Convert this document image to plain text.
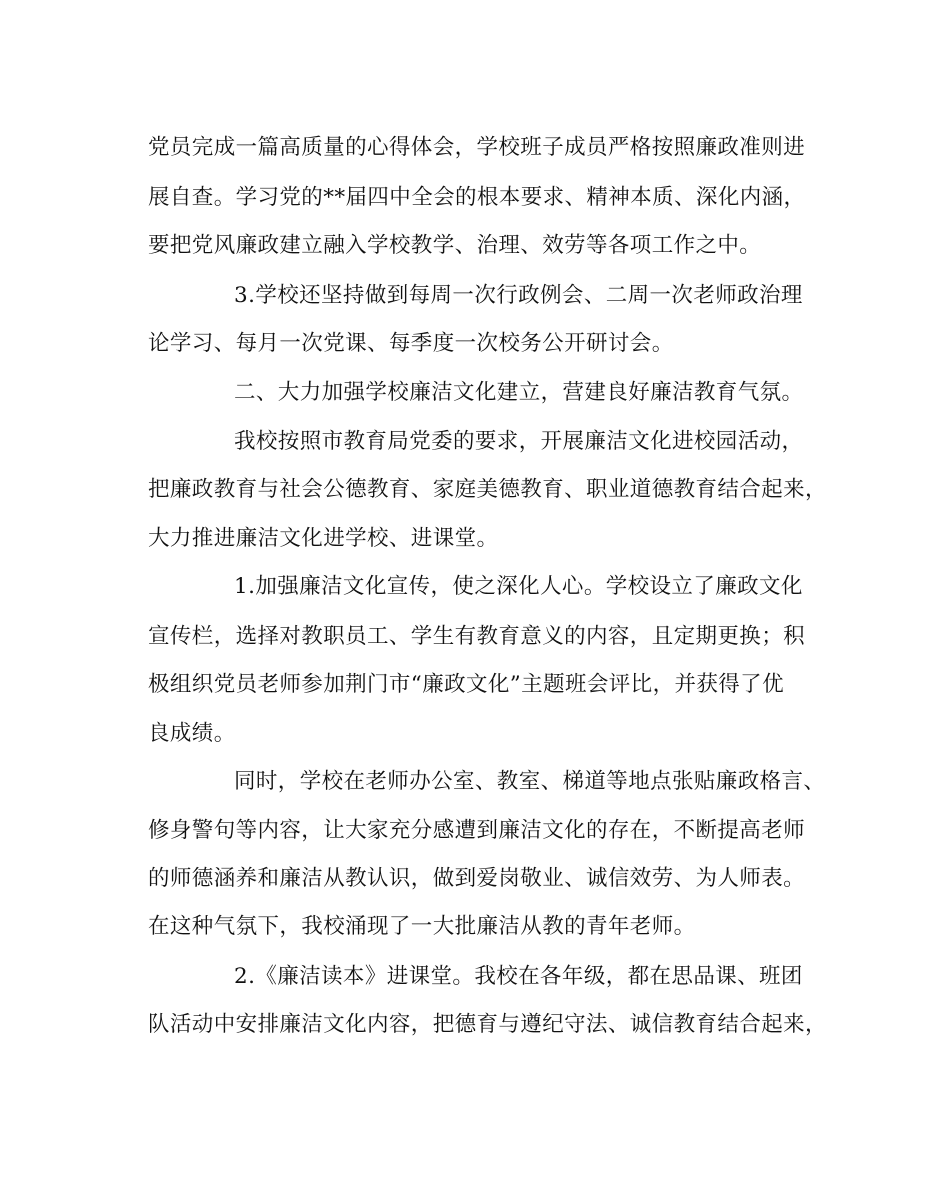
党员完成一篇高质量的心得体会，学校班子成员严格按照廉政准则进
展自查。学习党的**届四中全会的根本要求、精神本质、深化内涵，
要把党风廉政建立融入学校教学、治理、效劳等各项工作之中。
3.学校还坚持做到每周一次行政例会、二周一次老师政治理
论学习、每月一次党课、每季度一次校务公开研讨会。
二、大力加强学校廉洁文化建立，营建良好廉洁教育气氛。
我校按照市教育局党委的要求，开展廉洁文化进校园活动，
把廉政教育与社会公德教育、家庭美德教育、职业道德教育结合起来，
大力推进廉洁文化进学校、进课堂。
1.加强廉洁文化宣传，使之深化人心。学校设立了廉政文化
宣传栏，选择对教职员工、学生有教育意义的内容，且定期更换；积
极组织党员老师参加荆门市“廉政文化”主题班会评比，并获得了优
良成绩。
同时，学校在老师办公室、教室、梯道等地点张贴廉政格言、
修身警句等内容，让大家充分感遭到廉洁文化的存在，不断提高老师
的师德涵养和廉洁从教认识，做到爱岗敬业、诚信效劳、为人师表。
在这种气氛下，我校涌现了一大批廉洁从教的青年老师。
2.《廉洁读本》进课堂。我校在各年级，都在思品课、班团
队活动中安排廉洁文化内容，把德育与遵纪守法、诚信教育结合起来，
